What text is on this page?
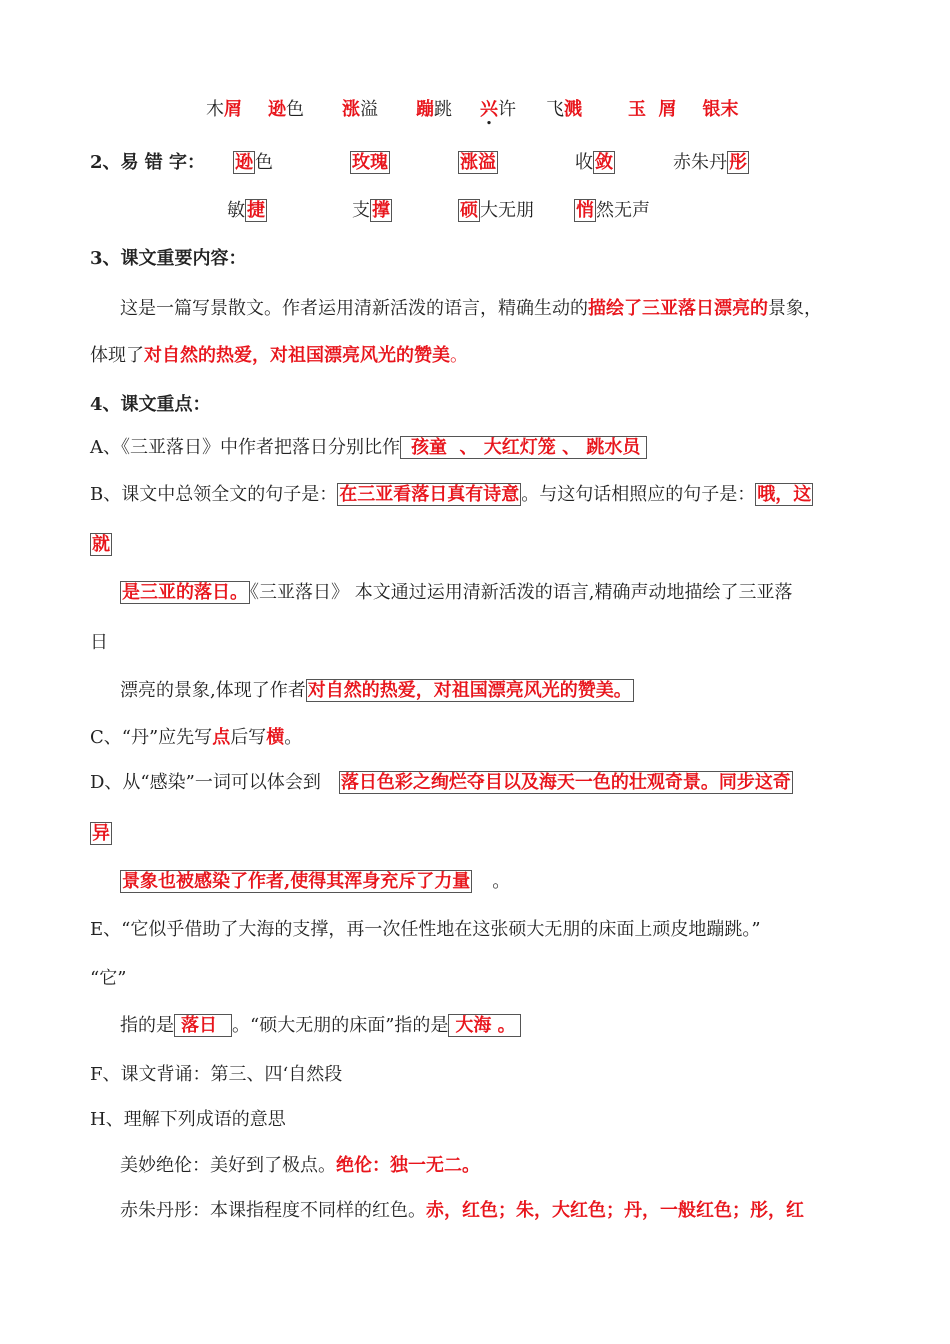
木屑 逊色 涨溢 蹦跳 兴许 飞溅	玉  屑 银末
2、易 错 字： 逊 色	玫瑰	涨溢	收 敛	赤朱丹 彤
敏 捷	支 撑	硕 大无朋 悄 然无声
3、课文重要内容：
这是一篇写景散文。作者运用清新活泼的语言，精确生动的描绘了三亚落日漂亮的景象，
体现了对自然的热爱，对祖国漂亮风光的赞美。
4、课文重点：
A、《三亚落日》中作者把落日分别比作 孩童  、 大红灯笼 、 跳水员
B、课文中总领全文的句子是： 在三亚看落日真有诗意 。与这句话相照应的句子是： 哦，这
就
是三亚的落日。 《三亚落日》 本文通过运用清新活泼的语言,精确声动地描绘了三亚落
日
漂亮的景象,体现了作者 对自然的热爱，对祖国漂亮风光的赞美。
C、“丹”应先写点后写横。
D、从“感染”一词可以体会到 落日色彩之绚烂夺目以及海天一色的壮观奇景。同步这奇
异
景象也被感染了作者,使得其浑身充斥了力量 。
E、“它似乎借助了大海的支撑，再一次任性地在这张硕大无朋的床面上顽皮地蹦跳。”
“它”
指的是 落日 。“硕大无朋的床面”指的是 大海 。
F、课文背诵：第三、四‘自然段
H、理解下列成语的意思
美妙绝伦：美好到了极点。绝伦：独一无二。
赤朱丹彤：本课指程度不同样的红色。赤，红色；朱，大红色；丹，一般红色；彤，红
